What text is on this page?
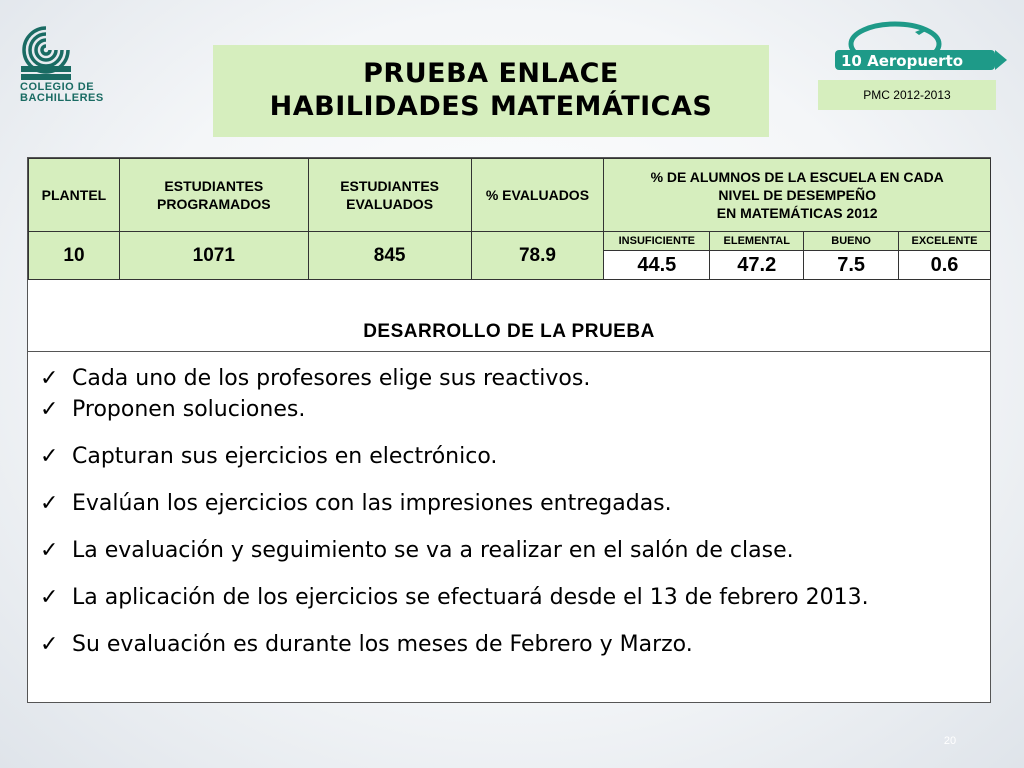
COLEGIO DE
BACHILLERES
PRUEBA ENLACE
HABILIDADES MATEMÁTICAS
10 Aeropuerto
PMC 2012-2013
PLANTEL	ESTUDIANTES PROGRAMADOS	ESTUDIANTES EVALUADOS	% EVALUADOS	% DE ALUMNOS DE LA ESCUELA EN CADA
NIVEL DE DESEMPEÑO
EN MATEMÁTICAS 2012			

10	1071	845	78.9	INSUFICIENTE	ELEMENTAL	BUENO	EXCELENTE
				44.5	47.2	7.5	0.6
DESARROLLO DE LA PRUEBA
✓ Cada uno de los profesores elige sus reactivos.
✓ Proponen soluciones.
✓ Capturan sus ejercicios en electrónico.
✓ Evalúan los ejercicios con las impresiones entregadas.
✓ La evaluación y seguimiento se va a realizar en el salón de clase.
✓ La aplicación de los ejercicios se efectuará desde el 13 de febrero 2013.
✓ Su evaluación es durante los meses de Febrero y Marzo.
20
